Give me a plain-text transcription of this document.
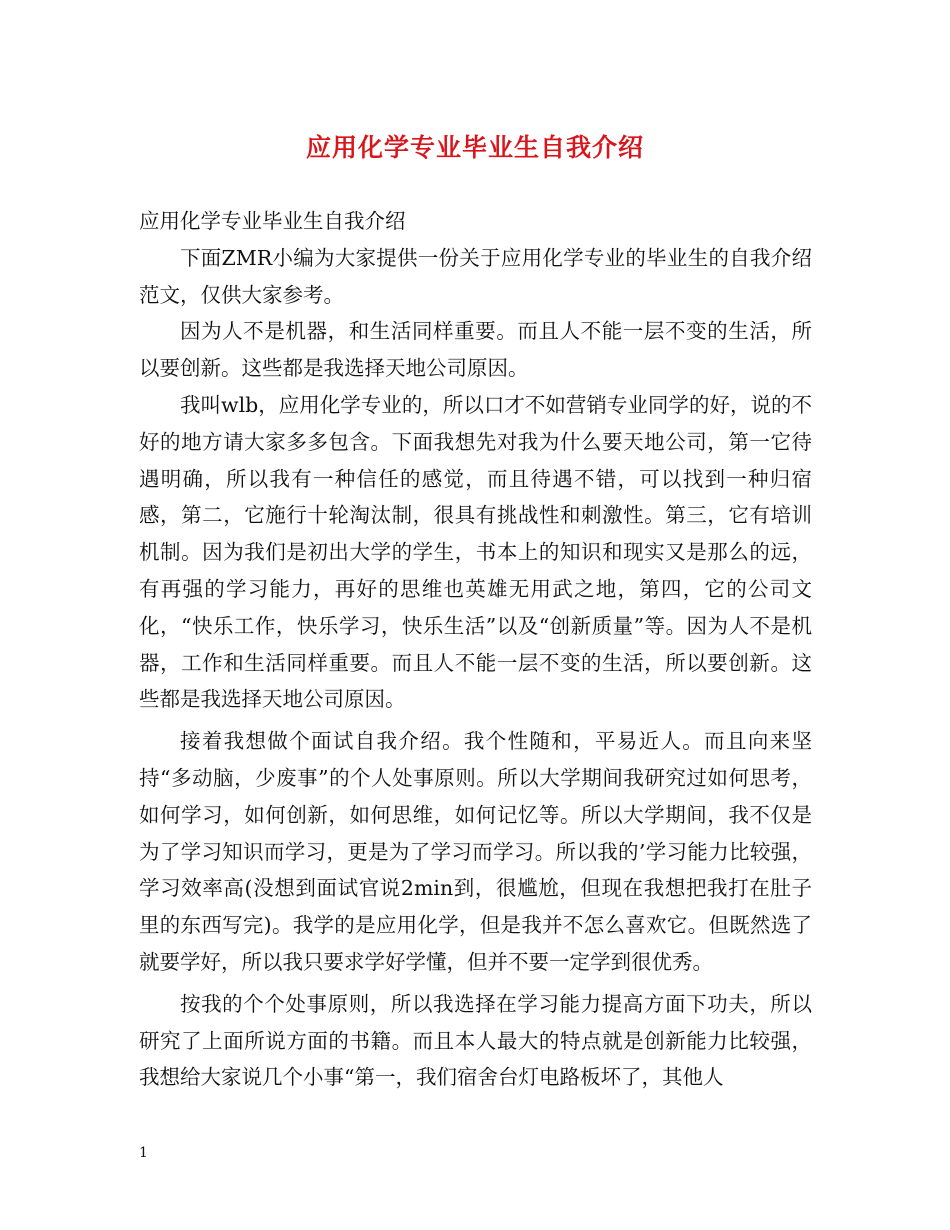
应用化学专业毕业生自我介绍

应用化学专业毕业生自我介绍

下面ZMR小编为大家提供一份关于应用化学专业的毕业生的自我介绍范文，仅供大家参考。

因为人不是机器，和生活同样重要。而且人不能一层不变的生活，所以要创新。这些都是我选择天地公司原因。

我叫wlb，应用化学专业的，所以口才不如营销专业同学的好，说的不好的地方请大家多多包含。下面我想先对我为什么要天地公司，第一它待遇明确，所以我有一种信任的感觉，而且待遇不错，可以找到一种归宿感，第二，它施行十轮淘汰制，很具有挑战性和刺激性。第三，它有培训机制。因为我们是初出大学的学生，书本上的知识和现实又是那么的远，有再强的学习能力，再好的思维也英雄无用武之地，第四，它的公司文化，“快乐工作，快乐学习，快乐生活”以及“创新质量”等。因为人不是机器，工作和生活同样重要。而且人不能一层不变的生活，所以要创新。这些都是我选择天地公司原因。

接着我想做个面试自我介绍。我个性随和，平易近人。而且向来坚持“多动脑，少废事”的个人处事原则。所以大学期间我研究过如何思考，如何学习，如何创新，如何思维，如何记忆等。所以大学期间，我不仅是为了学习知识而学习，更是为了学习而学习。所以我的’学习能力比较强，学习效率高(没想到面试官说2min到，很尴尬，但现在我想把我打在肚子里的东西写完)。我学的是应用化学，但是我并不怎么喜欢它。但既然选了就要学好，所以我只要求学好学懂，但并不要一定学到很优秀。

按我的个个处事原则，所以我选择在学习能力提高方面下功夫，所以研究了上面所说方面的书籍。而且本人最大的特点就是创新能力比较强，我想给大家说几个小事“第一，我们宿舍台灯电路板坏了，其他人

1
